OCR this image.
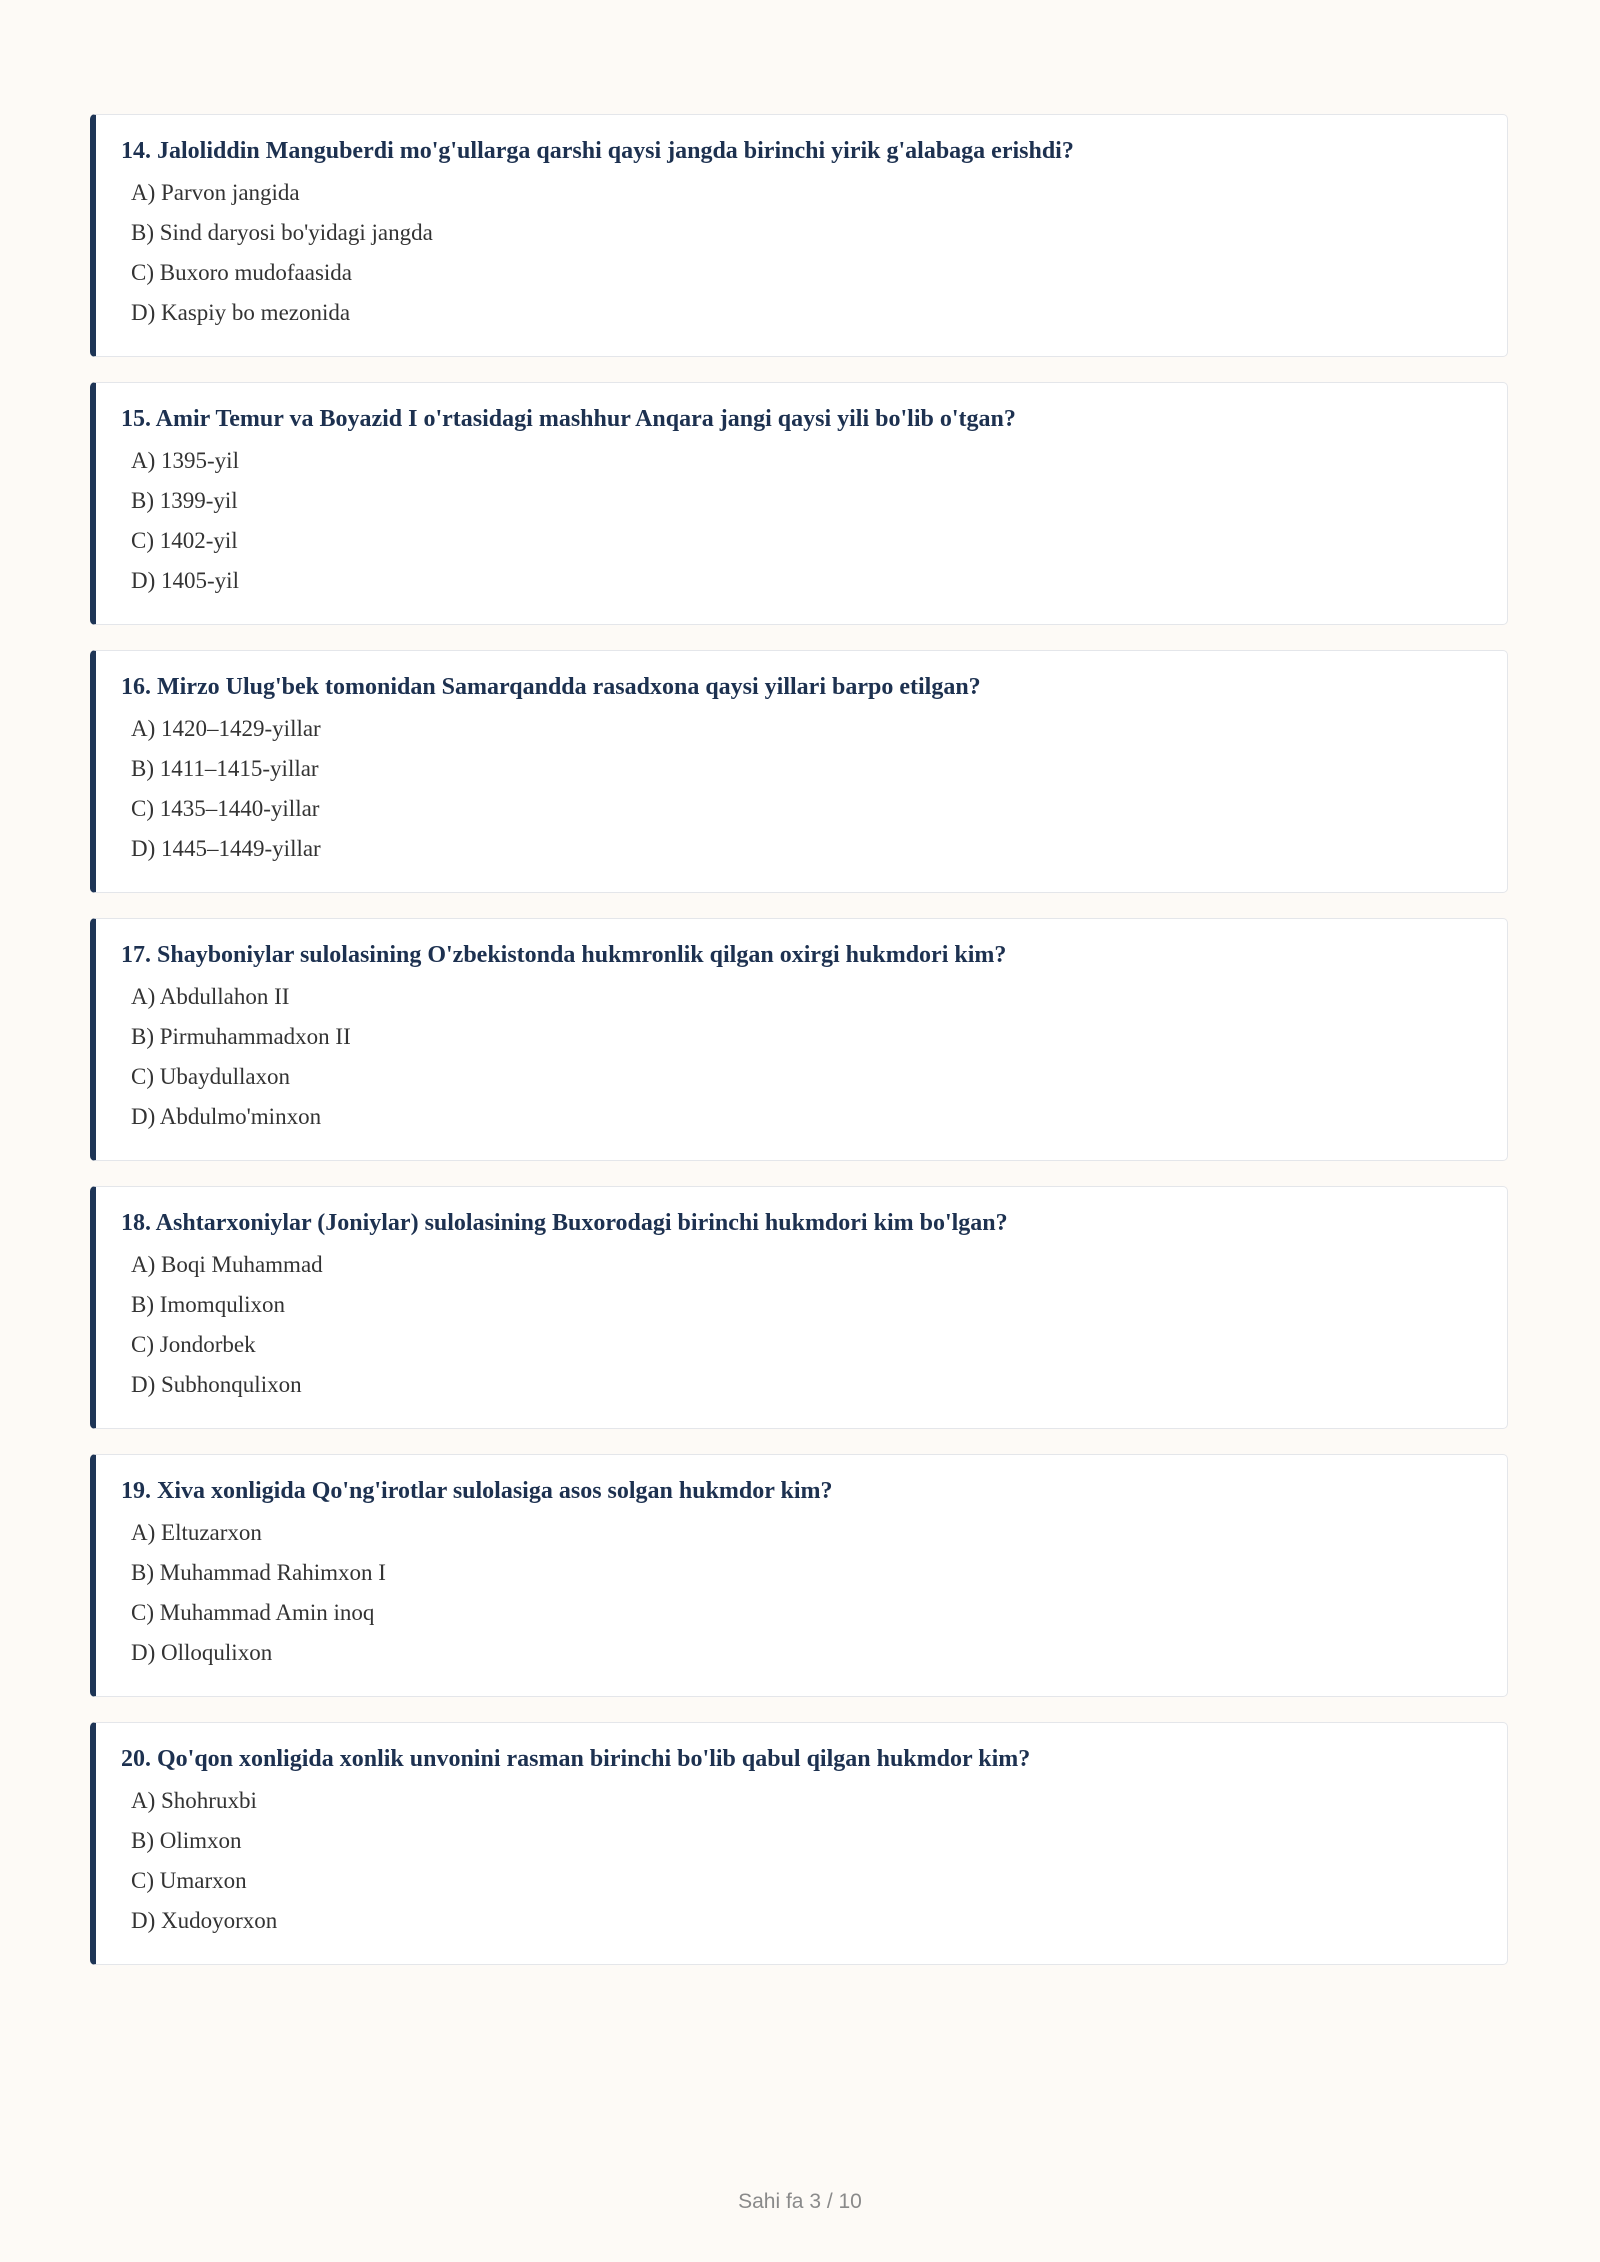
14. Jaloliddin Manguberdi mo'g'ullarga qarshi qaysi jangda birinchi yirik g'alabaga erishdi?
A) Parvon jangida
B) Sind daryosi bo'yidagi jangda
C) Buxoro mudofaasida
D) Kaspiy bo mezonida
15. Amir Temur va Boyazid I o'rtasidagi mashhur Anqara jangi qaysi yili bo'lib o'tgan?
A) 1395-yil
B) 1399-yil
C) 1402-yil
D) 1405-yil
16. Mirzo Ulug'bek tomonidan Samarqandda rasadxona qaysi yillari barpo etilgan?
A) 1420–1429-yillar
B) 1411–1415-yillar
C) 1435–1440-yillar
D) 1445–1449-yillar
17. Shayboniylar sulolasining O'zbekistonda hukmronlik qilgan oxirgi hukmdori kim?
A) Abdullahon II
B) Pirmuhammadxon II
C) Ubaydullaxon
D) Abdulmo'minxon
18. Ashtarxoniylar (Joniylar) sulolasining Buxorodagi birinchi hukmdori kim bo'lgan?
A) Boqi Muhammad
B) Imomqulixon
C) Jondorbek
D) Subhonqulixon
19. Xiva xonligida Qo'ng'irotlar sulolasiga asos solgan hukmdor kim?
A) Eltuzarxon
B) Muhammad Rahimxon I
C) Muhammad Amin inoq
D) Olloqulixon
20. Qo'qon xonligida xonlik unvonini rasman birinchi bo'lib qabul qilgan hukmdor kim?
A) Shohruxbi
B) Olimxon
C) Umarxon
D) Xudoyorxon
Sahi fa 3 / 10
